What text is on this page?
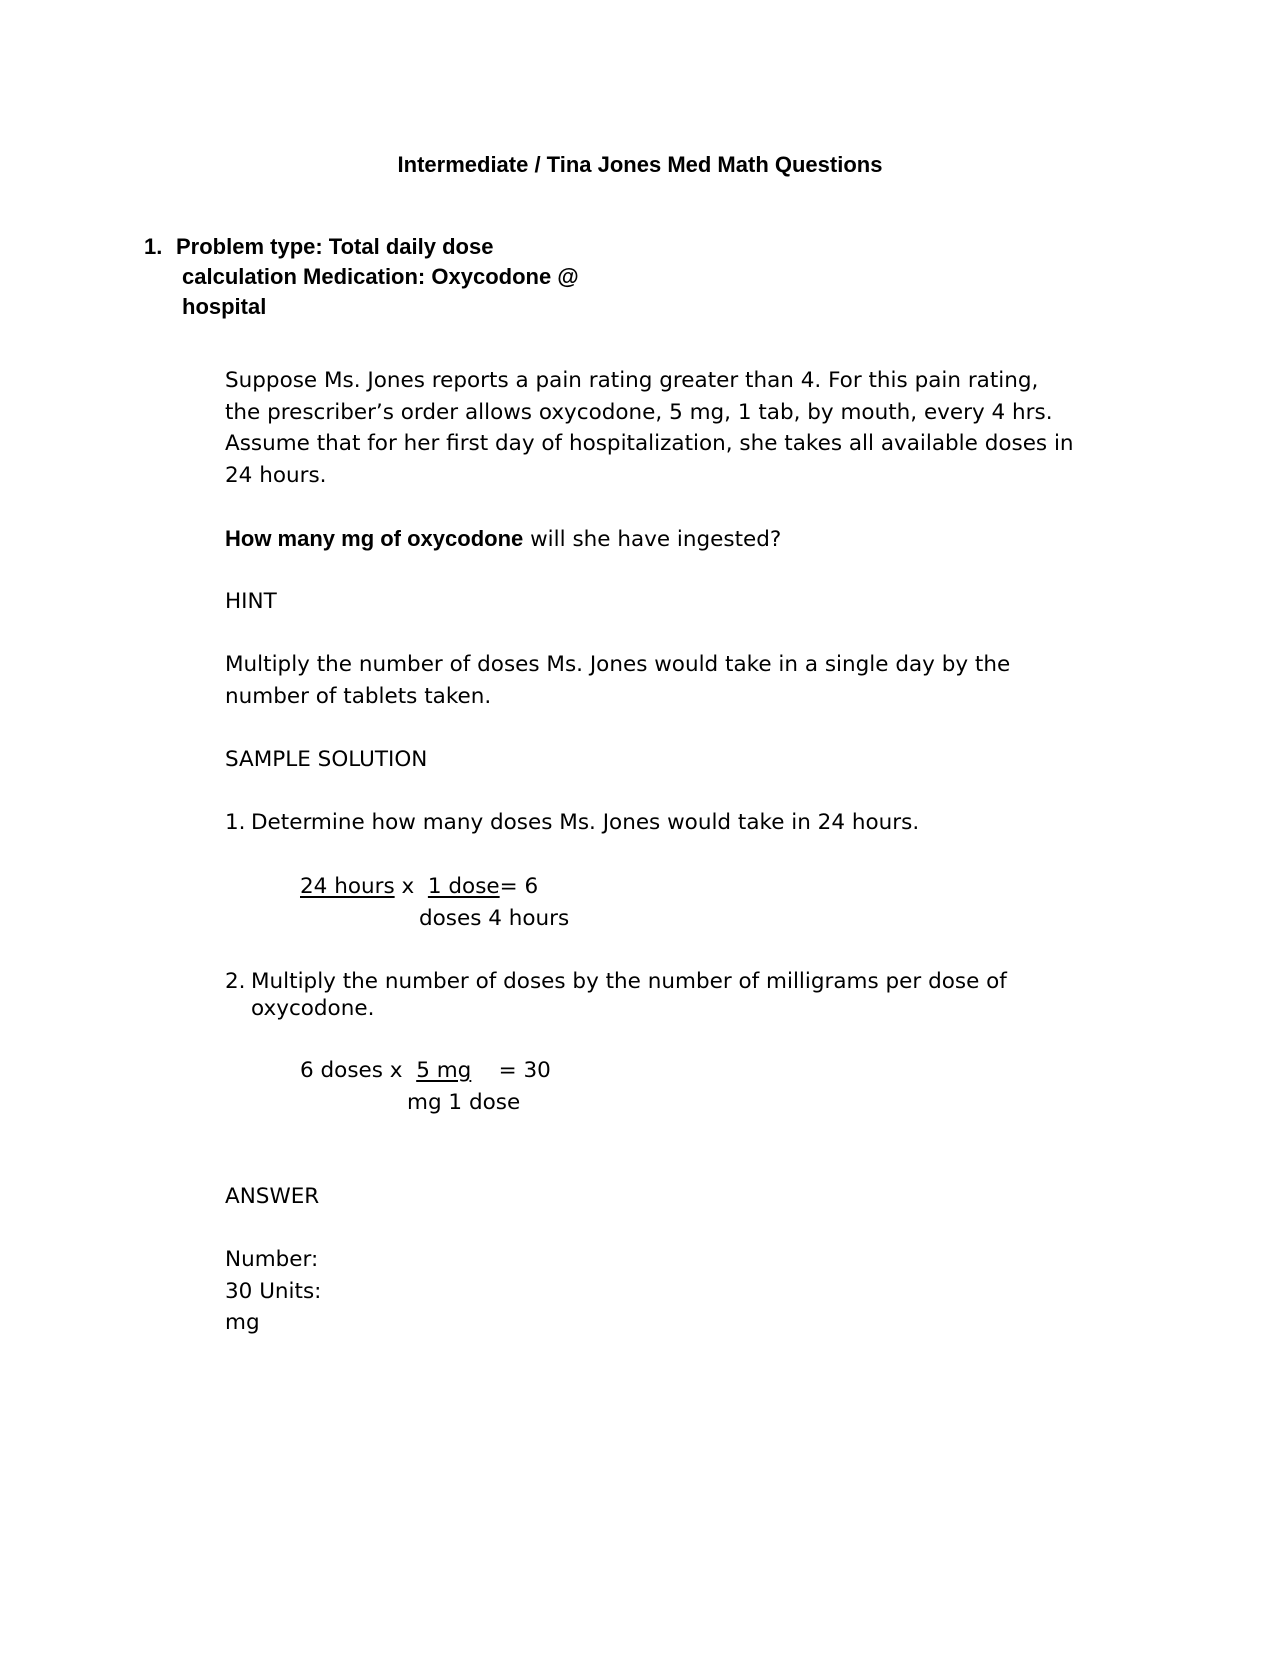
Intermediate / Tina Jones Med Math Questions
1. Problem type: Total daily dose
calculation Medication: Oxycodone @
hospital
Suppose Ms. Jones reports a pain rating greater than 4. For this pain rating,
the prescriber’s order allows oxycodone, 5 mg, 1 tab, by mouth, every 4 hrs.
Assume that for her first day of hospitalization, she takes all available doses in
24 hours.
How many mg of oxycodone will she have ingested?
HINT
Multiply the number of doses Ms. Jones would take in a single day by the
number of tablets taken.
SAMPLE SOLUTION
1. Determine how many doses Ms. Jones would take in 24 hours.
24 hours x 1 dose= 6
doses 4 hours
2. Multiply the number of doses by the number of milligrams per dose of
oxycodone.
6 doses x 5 mg = 30
mg 1 dose
ANSWER
Number:
30 Units:
mg
